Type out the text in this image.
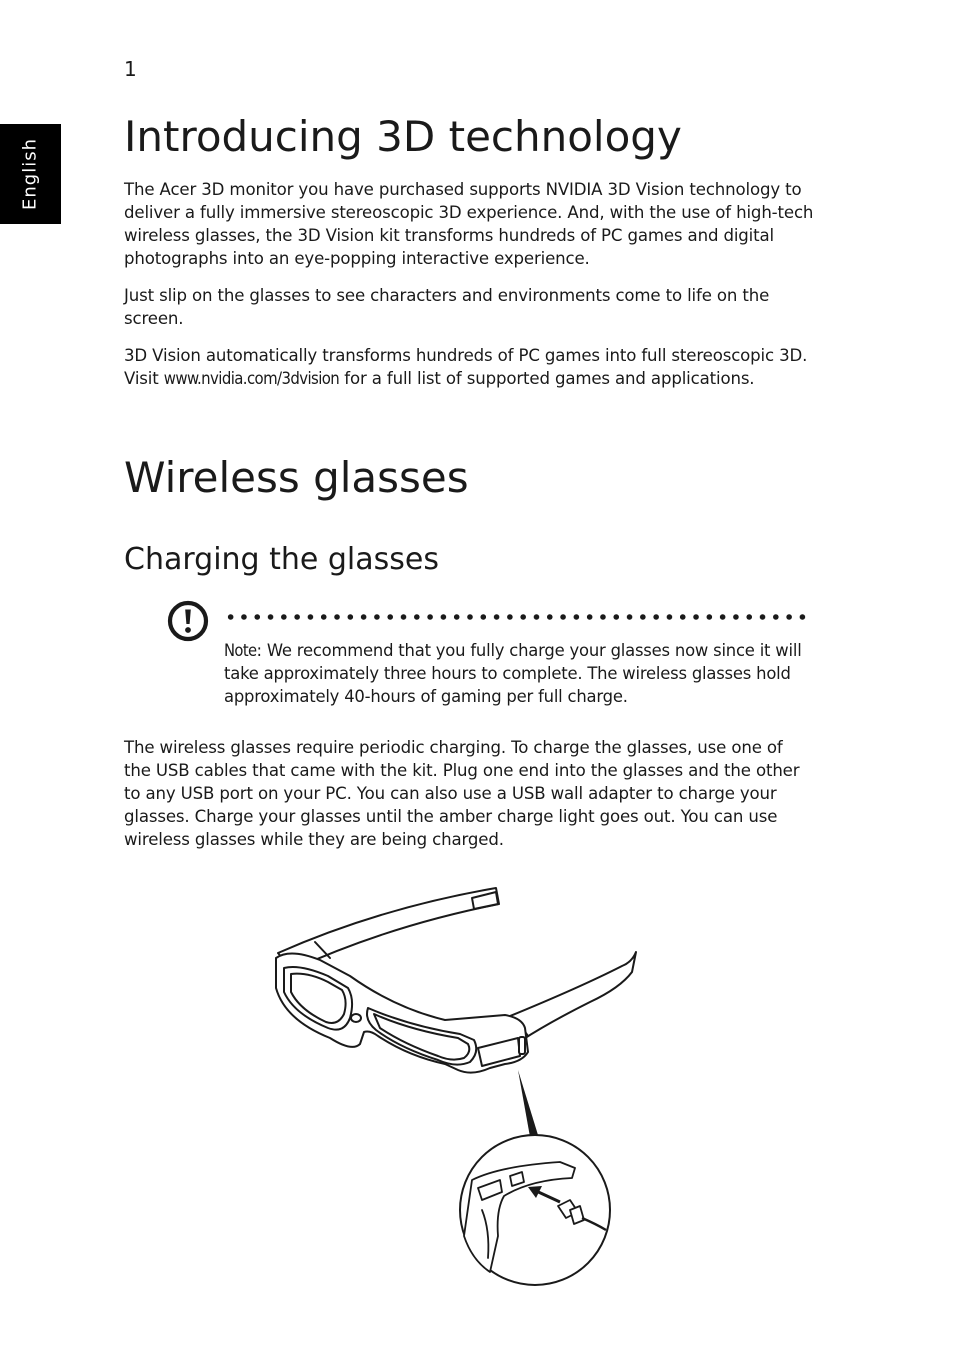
1
English
Introducing 3D technology

The Acer 3D monitor you have purchased supports NVIDIA 3D Vision technology to deliver a fully immersive stereoscopic 3D experience. And, with the use of high-tech wireless glasses, the 3D Vision kit transforms hundreds of PC games and digital photographs into an eye-popping interactive experience.

Just slip on the glasses to see characters and environments come to life on the screen.

3D Vision automatically transforms hundreds of PC games into full stereoscopic 3D. Visit www.nvidia.com/3dvision for a full list of supported games and applications.

Wireless glasses
Charging the glasses

Note: We recommend that you fully charge your glasses now since it will take approximately three hours to complete. The wireless glasses hold approximately 40-hours of gaming per full charge.

The wireless glasses require periodic charging. To charge the glasses, use one of the USB cables that came with the kit. Plug one end into the glasses and the other to any USB port on your PC. You can also use a USB wall adapter to charge your glasses. Charge your glasses until the amber charge light goes out. You can use wireless glasses while they are being charged.
